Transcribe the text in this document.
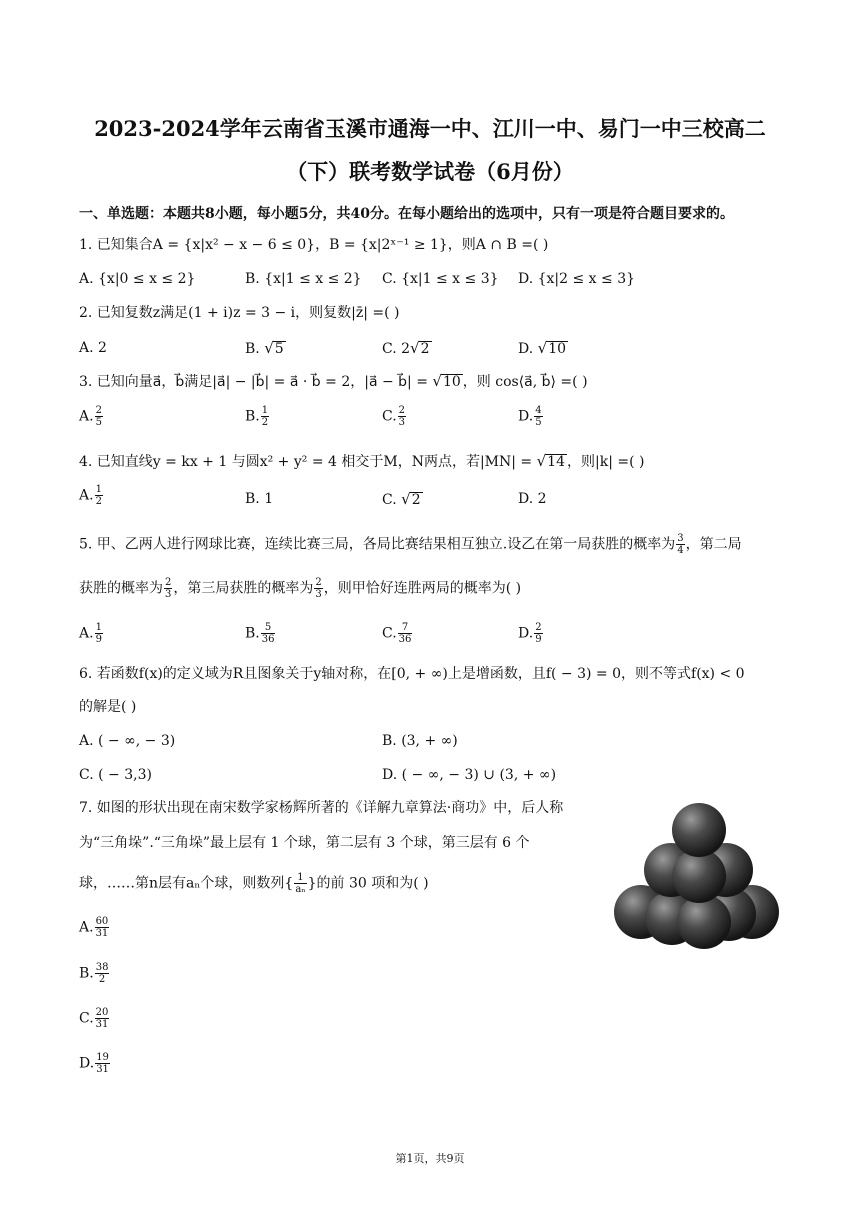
2023-2024学年云南省玉溪市通海一中、江川一中、易门一中三校高二
（下）联考数学试卷（6月份）
一、单选题：本题共8小题，每小题5分，共40分。在每小题给出的选项中，只有一项是符合题目要求的。
1. 已知集合A = {x|x² − x − 6 ≤ 0}，B = {x|2ˣ⁻¹ ≥ 1}，则A ∩ B =( )
A. {x|0 ≤ x ≤ 2}	B. {x|1 ≤ x ≤ 2} C. {x|1 ≤ x ≤ 3} D. {x|2 ≤ x ≤ 3}
2. 已知复数z满足(1 + i)z = 3 − i，则复数|z̄| =( )
A. 2	B. √5	C. 2√2	D. √10
3. 已知向量a⃗，b⃗满足|a⃗| − |b⃗| = a⃗ · b⃗ = 2，|a⃗ − b⃗| = √10 ，则 cos⟨a⃗, b⃗⟩ =( )
A. $\frac{2}{5}$	B. $\frac{1}{2}$	C. $\frac{2}{3}$	D. $\frac{4}{5}$
4. 已知直线y = kx + 1 与圆x² + y² = 4 相交于M，N两点，若|MN| = √14 ，则|k| =( )
A. $\frac{1}{2}$	B. 1	C. √2	D. 2
5. 甲、乙两人进行网球比赛，连续比赛三局，各局比赛结果相互独立.设乙在第一局获胜的概率为 $\frac{3}{4}$ ，第二局
获胜的概率为 $\frac{2}{3}$ ，第三局获胜的概率为 $\frac{2}{3}$ ，则甲恰好连胜两局的概率为( )
A. $\frac{1}{9}$	B. $\frac{5}{36}$	C. $\frac{7}{36}$	D. $\frac{2}{9}$
6. 若函数f(x)的定义域为R且图象关于y轴对称，在[0, + ∞)上是增函数，且f( − 3) = 0，则不等式f(x) < 0
的解是( )
A. ( − ∞, − 3)	B. (3, + ∞)
C. ( − 3,3)	D. ( − ∞, − 3) ∪ (3, + ∞)
7. 如图的形状出现在南宋数学家杨辉所著的《详解九章算法·商功》中，后人称
为“三角垛”.“三角垛”最上层有 1 个球，第二层有 3 个球，第三层有 6 个
球，……第n层有aₙ个球，则数列{ $\frac{1}{\text{aₙ}}$ }的前 30 项和为( )
A. $\frac{60}{31}$
B. $\frac{38}{2}$
C. $\frac{20}{31}$
D. $\frac{19}{31}$
第1页，共9页
